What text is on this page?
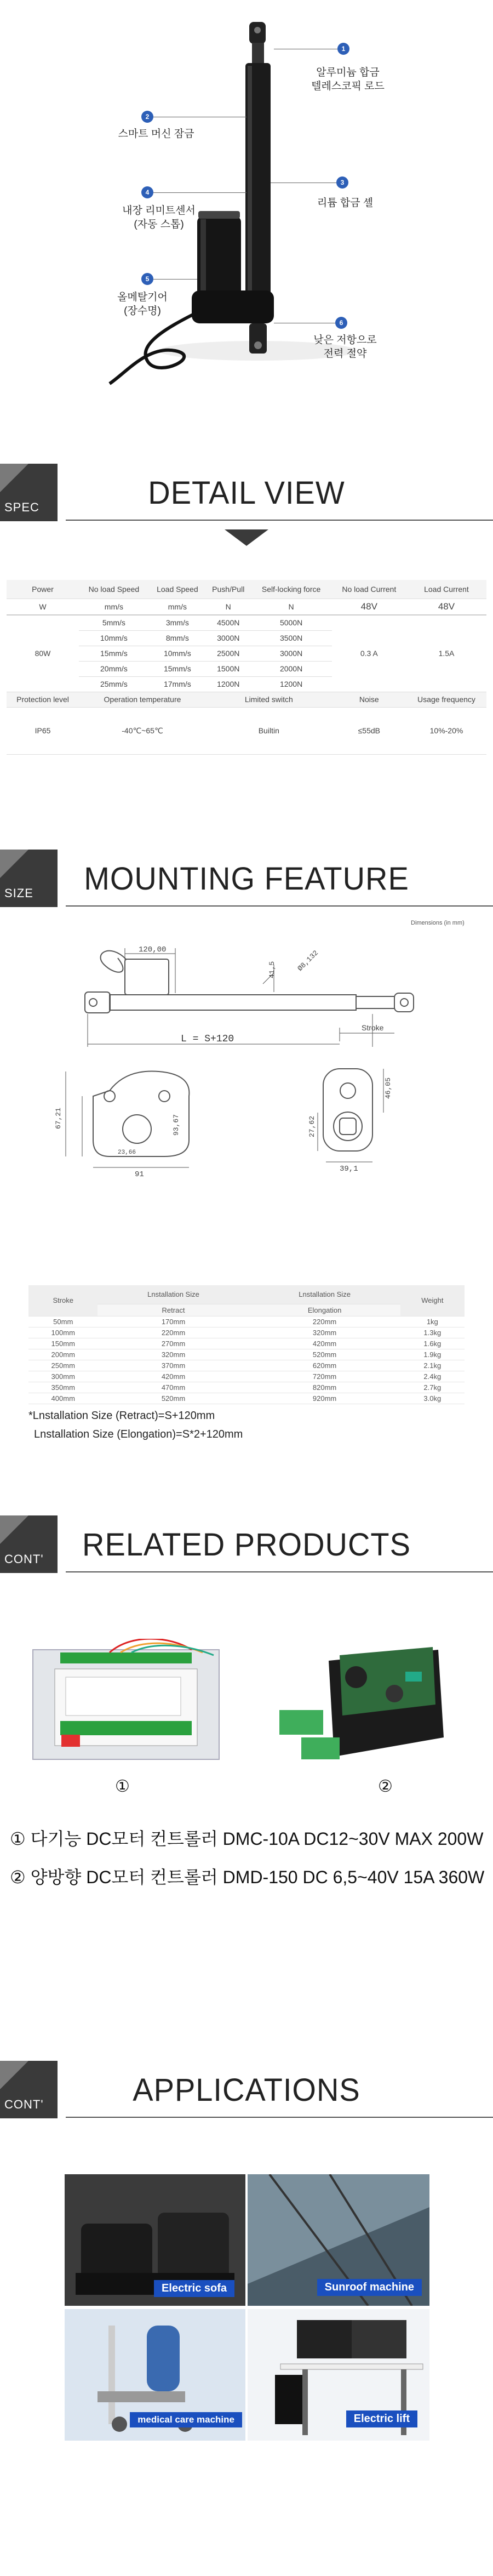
1
알루미늄 합금
텔레스코픽 로드
2
스마트 머신 잠금
3
리튬 합금 셸
4
내장 리미트센서
(자동 스톱)
5
올메탈기어
(장수명)
6
낮은 저항으로
전력 절약
SPEC	DETAIL VIEW
Power	No load Speed	Load Speed	Push/Pull	Self-locking force	No load Current	Load Current
W	mm/s	mm/s	N	N	48V	48V
80W	5mm/s	3mm/s	4500N	5000N	0.3 A	1.5A
	10mm/s	8mm/s	3000N	3500N		
	15mm/s	10mm/s	2500N	3000N		
	20mm/s	15mm/s	1500N	2000N		
	25mm/s	17mm/s	1200N	1200N		
Protection level	Operation temperature		Limited switch		Noise	Usage frequency
IP65	-40℃~65℃		Builtin		≤55dB	10%-20%
SIZE	MOUNTING FEATURE
Dimensions (in mm)
120,00
41,5	Ø8,132
Stroke
L = S+120
67,21	93,67
23,66
91
27,62
46,05
39,1
Stroke	Lnstallation Size	Lnstallation Size	Weight
	Retract	Elongation	
50mm	170mm	220mm	1kg
100mm	220mm	320mm	1.3kg
150mm	270mm	420mm	1.6kg
200mm	320mm	520mm	1.9kg
250mm	370mm	620mm	2.1kg
300mm	420mm	720mm	2.4kg
350mm	470mm	820mm	2.7kg
400mm	520mm	920mm	3.0kg
*Lnstallation Size (Retract)=S+120mm
Lnstallation Size (Elongation)=S*2+120mm
CONT'	RELATED PRODUCTS
①	②
① 다기능 DC모터 컨트롤러 DMC-10A DC12~30V MAX 200W
② 양방향 DC모터 컨트롤러 DMD-150 DC 6,5~40V 15A 360W
CONT'	APPLICATIONS
Electric sofa	Sunroof machine
medical care machine	Electric lift
